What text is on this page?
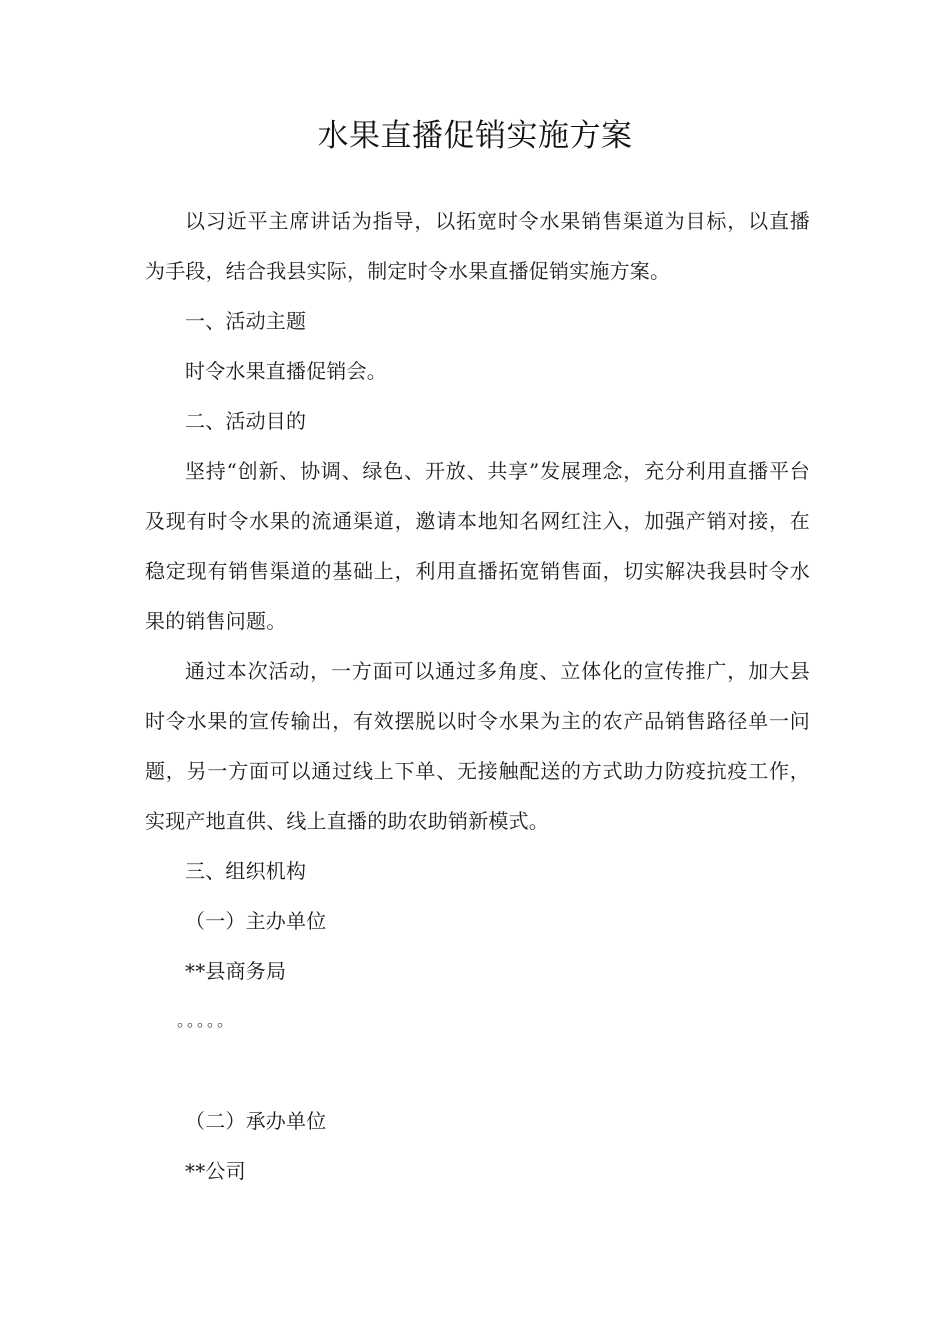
水果直播促销实施方案

以习近平主席讲话为指导，以拓宽时令水果销售渠道为目标，以直播为手段，结合我县实际，制定时令水果直播促销实施方案。

一、活动主题

时令水果直播促销会。

二、活动目的

坚持“创新、协调、绿色、开放、共享”发展理念，充分利用直播平台及现有时令水果的流通渠道，邀请本地知名网红注入，加强产销对接，在稳定现有销售渠道的基础上，利用直播拓宽销售面，切实解决我县时令水果的销售问题。

通过本次活动，一方面可以通过多角度、立体化的宣传推广，加大县时令水果的宣传输出，有效摆脱以时令水果为主的农产品销售路径单一问题，另一方面可以通过线上下单、无接触配送的方式助力防疫抗疫工作，实现产地直供、线上直播的助农助销新模式。

三、组织机构

（一）主办单位

**县商务局

。。。。。

（二）承办单位

**公司
